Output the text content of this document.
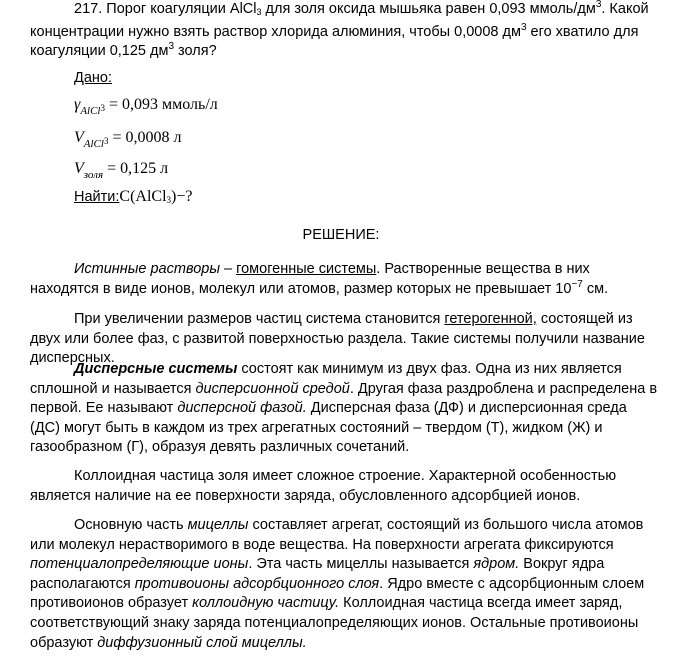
217. Порог коагуляции AlCl$_3$ для золя оксида мышьяка равен 0,093 ммоль/$дм^3$. Какой концентрации нужно взять раствор хлорида алюминия, чтобы 0,0008 $дм^3$ его хватило для коагуляции 0,125 $дм^3$ золя?
Дано:
$\gamma_{AlCl}3 = 0,093$ ммоль/л
$V_{AlCl}3 = 0,0008$ л
$V_{золя} = 0,125$ л
Найти:С(AlCl3)−?
РЕШЕНИЕ:
Истинные растворы – гомогенные системы. Растворенные вещества в них находятся в виде ионов, молекул или атомов, размер которых не превышает $10^{-7}$ см.
При увеличении размеров частиц система становится гетерогенной, состоящей из двух или более фаз, с развитой поверхностью раздела. Такие системы получили название дисперсных.
Дисперсные системы состоят как минимум из двух фаз. Одна из них является сплошной и называется дисперсионной средой. Другая фаза раздроблена и распределена в первой. Ее называют дисперсной фазой. Дисперсная фаза (ДФ) и дисперсионная среда (ДС) могут быть в каждом из трех агрегатных состояний – твердом (Т), жидком (Ж) и газообразном (Г), образуя девять различных сочетаний.
Коллоидная частица золя имеет сложное строение. Характерной особенностью является наличие на ее поверхности заряда, обусловленного адсорбцией ионов.
Основную часть мицеллы составляет агрегат, состоящий из большого числа атомов или молекул нерастворимого в воде вещества. На поверхности агрегата фиксируются потенциалопределяющие ионы. Эта часть мицеллы называется ядром. Вокруг ядра располагаются противоионы адсорбционного слоя. Ядро вместе с адсорбционным слоем противоионов образует коллоидную частицу. Коллоидная частица всегда имеет заряд, соответствующий знаку заряда потенциалопределяющих ионов. Остальные противоионы образуют диффузионный слой мицеллы.
